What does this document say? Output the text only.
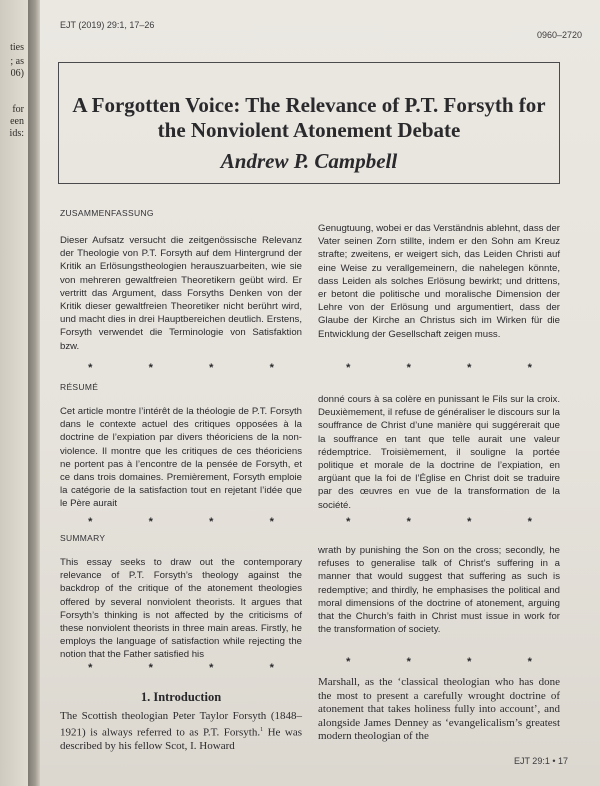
ties
; as
06)
for
een
ids:
EJT (2019) 29:1, 17–26
0960–2720
A Forgotten Voice: The Relevance of P.T. Forsyth for the Nonviolent Atonement Debate
Andrew P. Campbell
ZUSAMMENFASSUNG
Dieser Aufsatz versucht die zeitgenössische Relevanz der Theologie von P.T. Forsyth auf dem Hintergrund der Kritik an Erlösungstheologien herauszuarbeiten, wie sie von mehreren gewaltfreien Theoretikern geübt wird. Er vertritt das Argument, dass Forsyths Denken von der Kritik dieser gewaltfreien Theoretiker nicht berührt wird, und macht dies in drei Hauptbereichen deutlich. Erstens, Forsyth verwendet die Terminologie von Satisfaktion bzw.
Genugtuung, wobei er das Verständnis ablehnt, dass der Vater seinen Zorn stillte, indem er den Sohn am Kreuz strafte; zweitens, er weigert sich, das Leiden Christi auf eine Weise zu verallgemeinern, die nahelegen könnte, dass Leiden als solches Erlösung bewirkt; und drittens, er betont die politische und moralische Dimension der Lehre von der Erlösung und argumentiert, dass der Glaube der Kirche an Christus sich im Wirken für die Entwicklung der Gesellschaft zeigen muss.
*	*	*	*	*	*	*	*
RÉSUMÉ
Cet article montre l’intérêt de la théologie de P.T. Forsyth dans le contexte actuel des critiques opposées à la doctrine de l’expiation par divers théoriciens de la non-violence. Il montre que les critiques de ces théoriciens ne portent pas à l’encontre de la pensée de Forsyth, et ce dans trois domaines. Premièrement, Forsyth emploie la catégorie de la satisfaction tout en rejetant l’idée que le Père aurait
donné cours à sa colère en punissant le Fils sur la croix. Deuxièmement, il refuse de généraliser le discours sur la souffrance de Christ d’une manière qui suggérerait que la souffrance en tant que telle aurait une valeur rédemptrice. Troisièmement, il souligne la portée politique et morale de la doctrine de l’expiation, en argüant que la foi de l’Église en Christ doit se traduire par des œuvres en vue de la transformation de la société.
*	*	*	*	*	*	*	*
SUMMARY
This essay seeks to draw out the contemporary relevance of P.T. Forsyth’s theology against the backdrop of the critique of the atonement theologies offered by several nonviolent theorists. It argues that Forsyth’s thinking is not affected by the criticisms of these nonviolent theorists in three main areas. Firstly, he employs the language of satisfaction while rejecting the notion that the Father satisfied his
wrath by punishing the Son on the cross; secondly, he refuses to generalise talk of Christ’s suffering in a manner that would suggest that suffering as such is redemptive; and thirdly, he emphasises the political and moral dimensions of the doctrine of atonement, arguing that the Church’s faith in Christ must issue in work for the transformation of society.
*	*	*	*	*	*	*	*
1. Introduction
The Scottish theologian Peter Taylor Forsyth (1848–1921) is always referred to as P.T. Forsyth.$^1$ He was described by his fellow Scot, I. Howard
Marshall, as the ‘classical theologian who has done the most to present a carefully wrought doctrine of atonement that takes holiness fully into account’, and alongside James Denney as ‘evangelicalism’s greatest modern theologian of the
EJT 29:1 • 17
